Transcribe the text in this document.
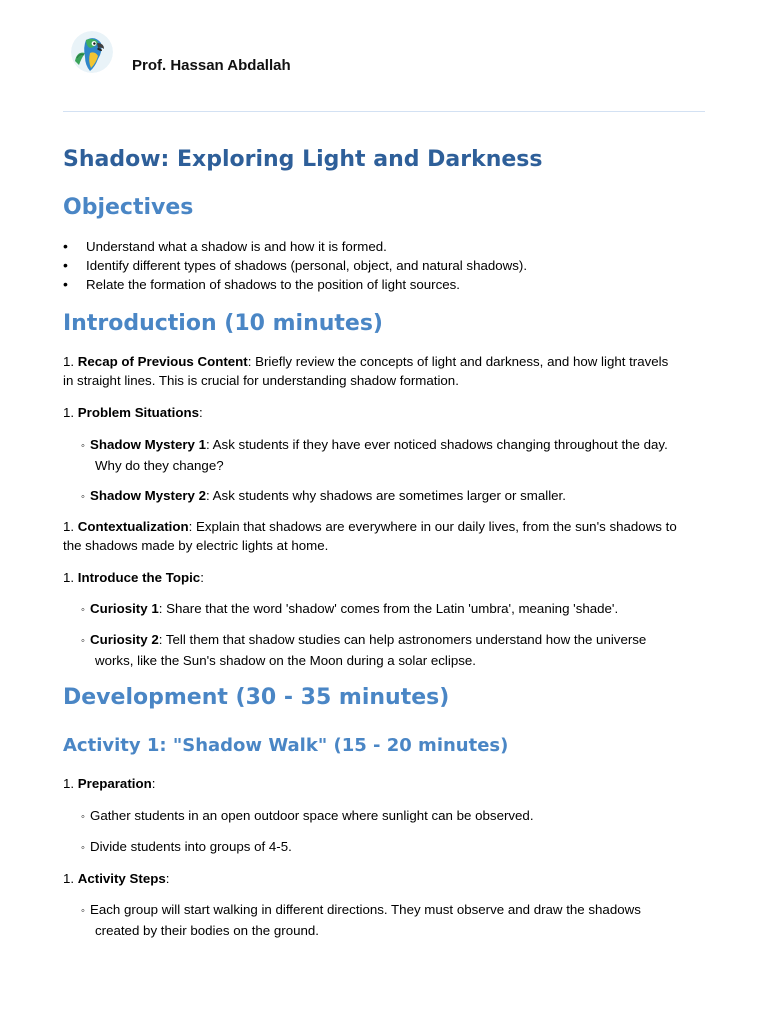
Prof. Hassan Abdallah
Shadow: Exploring Light and Darkness
Objectives
• Understand what a shadow is and how it is formed.
• Identify different types of shadows (personal, object, and natural shadows).
• Relate the formation of shadows to the position of light sources.
Introduction (10 minutes)

1. Recap of Previous Content: Briefly review the concepts of light and darkness, and how light travels
in straight lines. This is crucial for understanding shadow formation.

1. Problem Situations:

◦ Shadow Mystery 1: Ask students if they have ever noticed shadows changing throughout the day.
Why do they change?

◦ Shadow Mystery 2: Ask students why shadows are sometimes larger or smaller.

1. Contextualization: Explain that shadows are everywhere in our daily lives, from the sun's shadows to
the shadows made by electric lights at home.

1. Introduce the Topic:

◦ Curiosity 1: Share that the word 'shadow' comes from the Latin 'umbra', meaning 'shade'.

◦ Curiosity 2: Tell them that shadow studies can help astronomers understand how the universe
works, like the Sun's shadow on the Moon during a solar eclipse.

Development (30 - 35 minutes)
Activity 1: "Shadow Walk" (15 - 20 minutes)

1. Preparation:

◦ Gather students in an open outdoor space where sunlight can be observed.

◦ Divide students into groups of 4-5.

1. Activity Steps:

◦ Each group will start walking in different directions. They must observe and draw the shadows
created by their bodies on the ground.
